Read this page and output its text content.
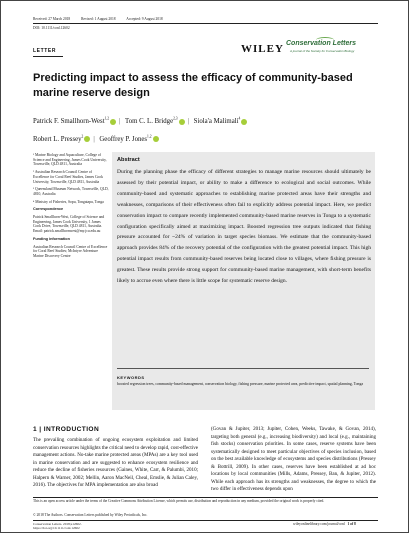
Received: 27 March 2018	Revised: 1 August 2018	Accepted: 9 August 2018
DOI: 10.1111/conl.12602
LETTER	WILEY Conservation Letters
A journal of the Society for Conservation Biology
Predicting impact to assess the efficacy of community-based marine reserve design
Patrick F. Smallhorn-West$^{1,2}$ | Tom C. L. Bridge$^{2,3}$ | Siola'a Malimali$^4$
Robert L. Pressey$^2$ | Geoffrey P. Jones$^{1,2}$

¹ Marine Biology and Aquaculture, College of Science and Engineering, James Cook University, Townsville, QLD 4811, Australia

² Australian Research Council Centre of Excellence for Coral Reef Studies, James Cook University, Townsville, QLD 4811, Australia

³ Queensland Museum Network, Townsville, QLD, 4810, Australia

⁴ Ministry of Fisheries, Sopu, Tongatapu, Tonga

Correspondence

Patrick Smallhorn-West, College of Science and Engineering, James Cook University, 1 James Cook Drive, Townsville, QLD 4811, Australia.
Email: patrick.smallhornwest@my.jcu.edu.au

Funding information

Australian Research Council Centre of Excellence for Coral Reef Studies; McIntyre Adventure Marine Discovery Centre

Abstract
During the planning phase the efficacy of different strategies to manage marine resources should ultimately be assessed by their potential impact, or ability to make a difference to ecological and social outcomes. While community-based and systematic approaches to establishing marine protected areas have their strengths and weaknesses, comparisons of their effectiveness often fail to explicitly address potential impact. Here, we predict conservation impact to compare recently implemented community-based marine reserves in Tonga to a systematic configuration specifically aimed at maximizing impact. Boosted regression tree outputs indicated that fishing pressure accounted for ~24% of variation in target species biomass. We estimate that the community-based approach provides 84% of the recovery potential of the configuration with the greatest potential impact. This high potential impact results from community-based reserves being located close to villages, where fishing pressure is greatest. These results provide strong support for community-based marine management, with short-term benefits likely to accrue even where there is little scope for systematic reserve design.
KEYWORDS
boosted regression trees, community-based management, conservation biology, fishing pressure, marine protected area, predictive impact, spatial planning, Tonga
1 | INTRODUCTION
The prevailing combination of ongoing ecosystem exploitation and limited conservation resources highlights the critical need to develop rapid, cost-effective management actions. No-take marine protected areas (MPAs) are a key tool used in marine conservation and are suggested to enhance ecosystem resilience and reduce the decline of fisheries resources (Gaines, White, Carr, & Palumbi, 2010; Halpern & Warner, 2002; Mellin, Aaron MacNeil, Cheal, Emslie, & Julian Caley, 2016). The objectives for MPA implementation are also broad
(Govan & Jupiter, 2013; Jupiter, Cohen, Weeks, Tawake, & Govan, 2014), targeting both general (e.g., increasing biodiversity) and local (e.g., maintaining fish stocks) conservation priorities. In some cases, reserve systems have been systematically designed to meet particular objectives of species inclusion, based on the best available knowledge of ecosystems and species distributions (Pressey & Bottrill, 2009). In other cases, reserves have been established at ad hoc locations by local communities (Mills, Adams, Pressey, Ban, & Jupiter, 2012). While each approach has its strengths and weaknesses, the degree to which the two differ in effectiveness depends upon
This is an open access article under the terms of the Creative Commons Attribution License, which permits use, distribution and reproduction in any medium, provided the original work is properly cited.
© 2018 The Authors. Conservation Letters published by Wiley Periodicals, Inc.
Conservation Letters. 2018;e12602.
https://doi.org/10.1111/conl.12602
wileyonlinelibrary.com/journal/conl 1 of 8
